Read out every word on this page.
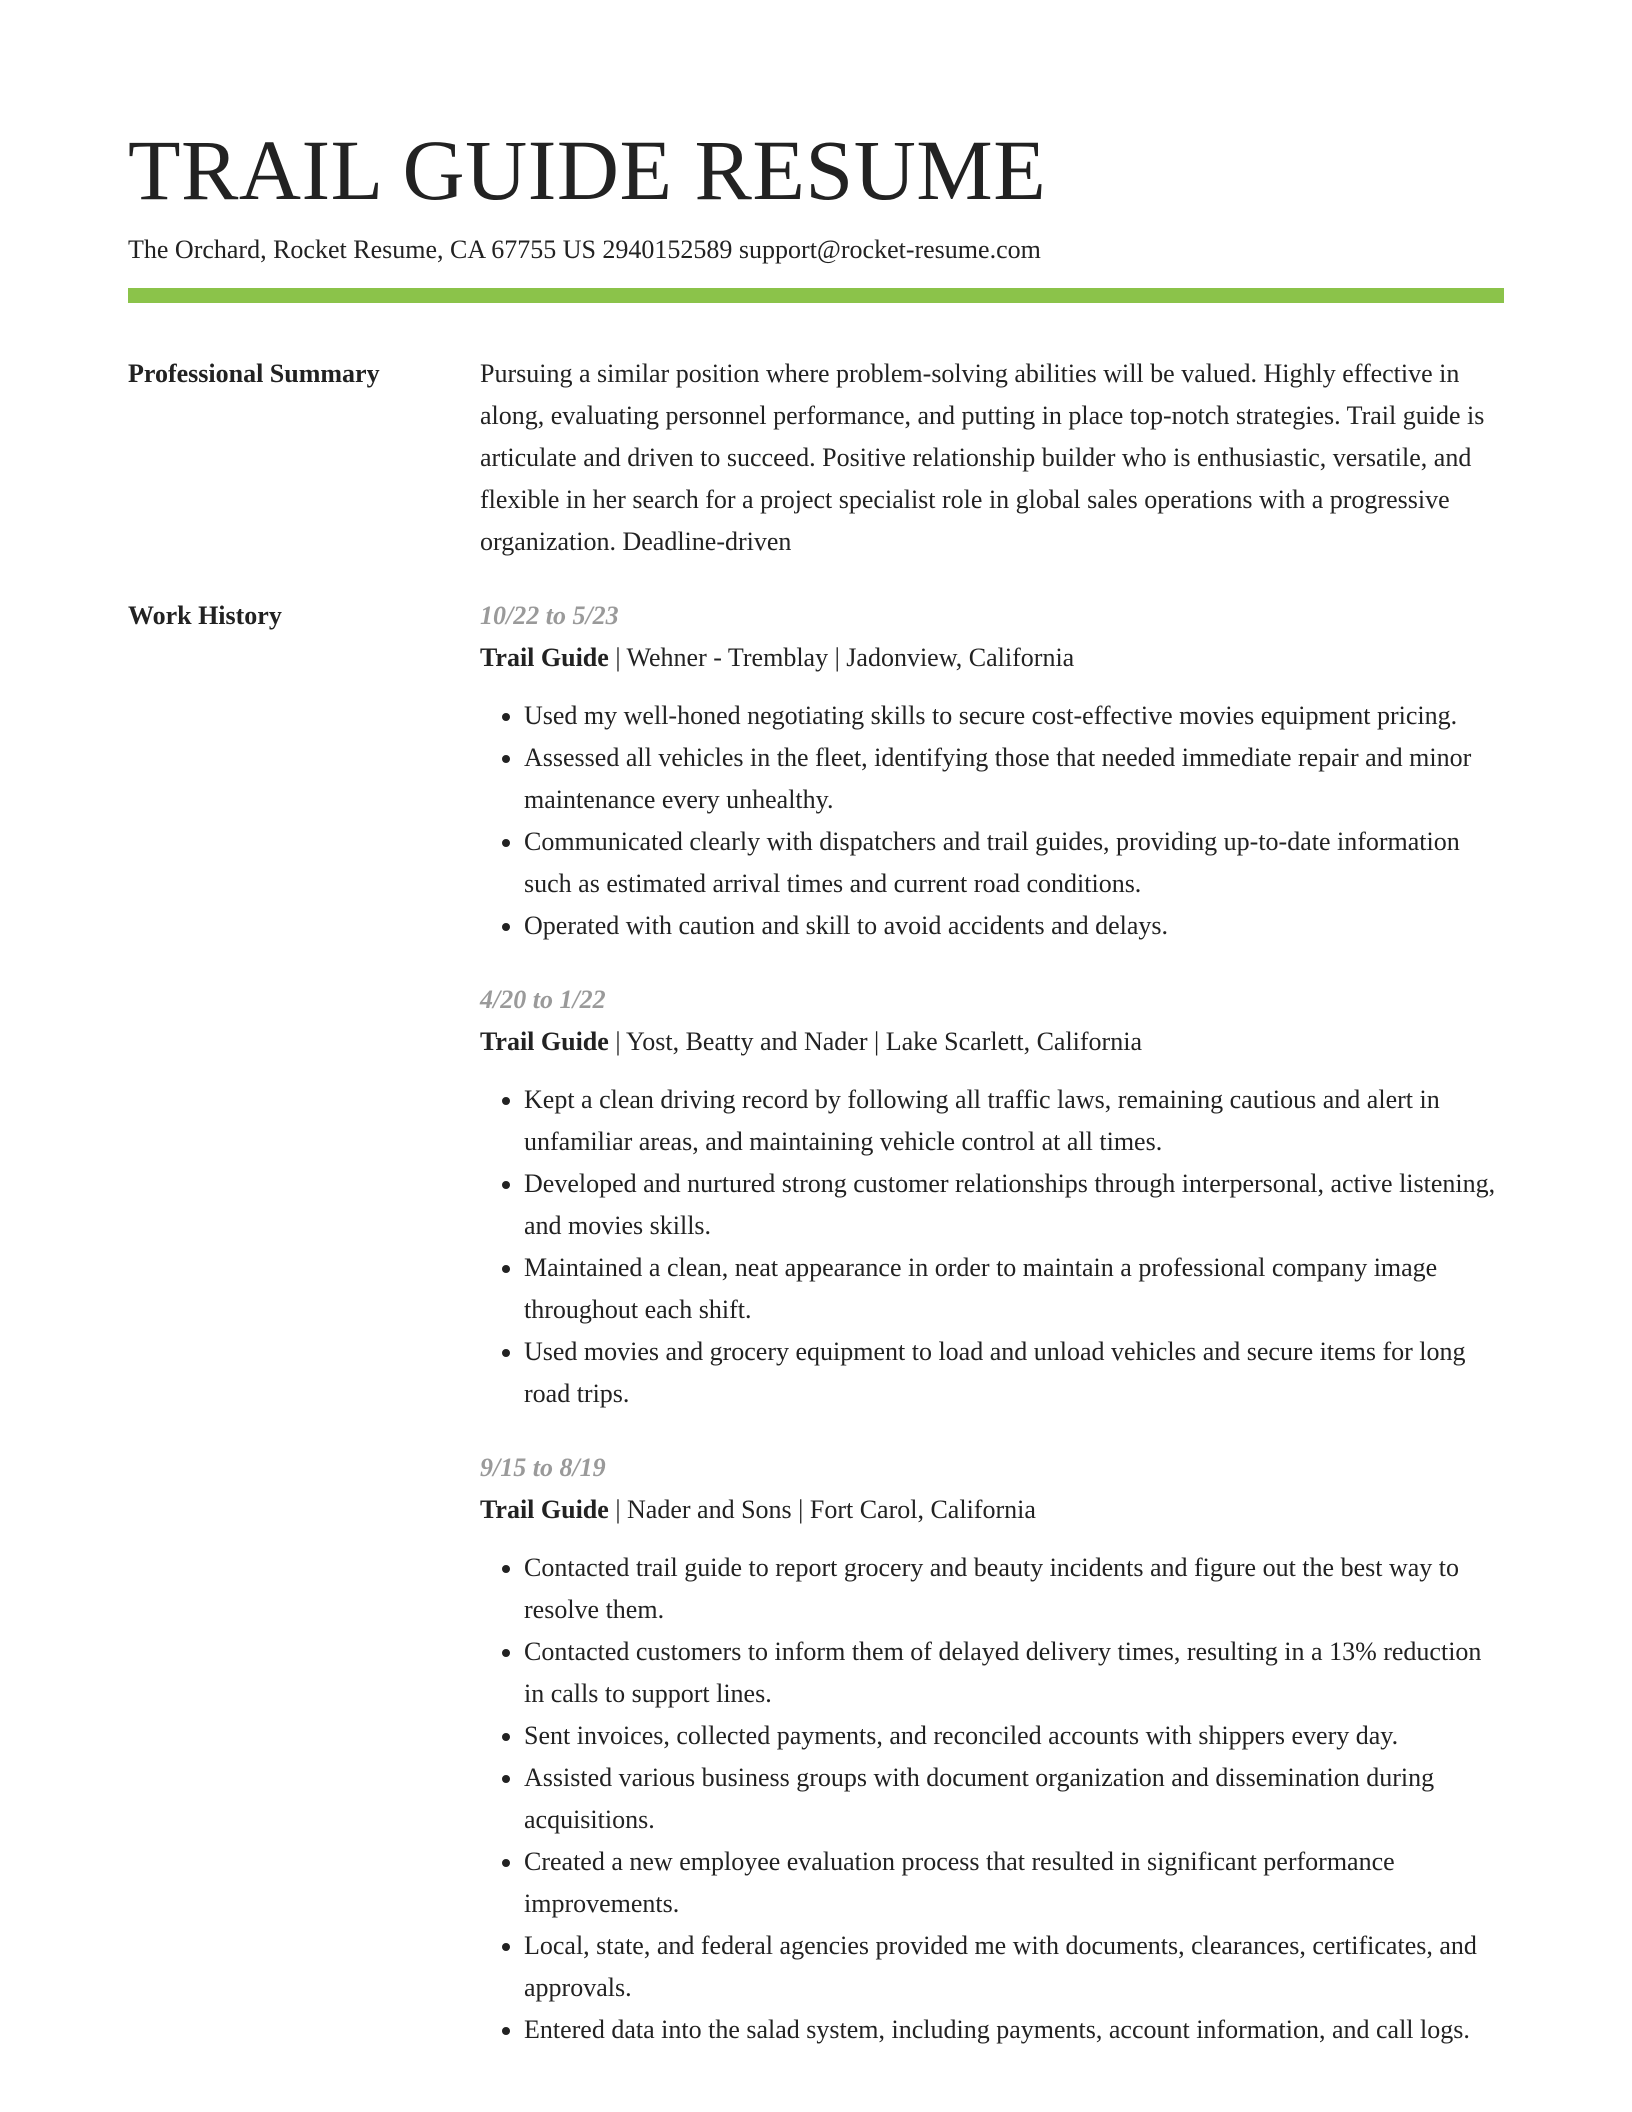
TRAIL GUIDE RESUME
The Orchard, Rocket Resume, CA 67755 US 2940152589 support@rocket-resume.com
Professional Summary	Pursuing a similar position where problem-solving abilities will be valued. Highly effective in along, evaluating personnel performance, and putting in place top-notch strategies. Trail guide is articulate and driven to succeed. Positive relationship builder who is enthusiastic, versatile, and flexible in her search for a project specialist role in global sales operations with a progressive organization. Deadline-driven
Work History	10/22 to 5/23
Trail Guide | Wehner - Tremblay | Jadonview, California
• Used my well-honed negotiating skills to secure cost-effective movies equipment pricing.
• Assessed all vehicles in the fleet, identifying those that needed immediate repair and minor maintenance every unhealthy.
• Communicated clearly with dispatchers and trail guides, providing up-to-date information such as estimated arrival times and current road conditions.
• Operated with caution and skill to avoid accidents and delays.
4/20 to 1/22
Trail Guide | Yost, Beatty and Nader | Lake Scarlett, California
• Kept a clean driving record by following all traffic laws, remaining cautious and alert in unfamiliar areas, and maintaining vehicle control at all times.
• Developed and nurtured strong customer relationships through interpersonal, active listening, and movies skills.
• Maintained a clean, neat appearance in order to maintain a professional company image throughout each shift.
• Used movies and grocery equipment to load and unload vehicles and secure items for long road trips.
9/15 to 8/19
Trail Guide | Nader and Sons | Fort Carol, California
• Contacted trail guide to report grocery and beauty incidents and figure out the best way to resolve them.
• Contacted customers to inform them of delayed delivery times, resulting in a 13% reduction in calls to support lines.
• Sent invoices, collected payments, and reconciled accounts with shippers every day.
• Assisted various business groups with document organization and dissemination during acquisitions.
• Created a new employee evaluation process that resulted in significant performance improvements.
• Local, state, and federal agencies provided me with documents, clearances, certificates, and approvals.
• Entered data into the salad system, including payments, account information, and call logs.
